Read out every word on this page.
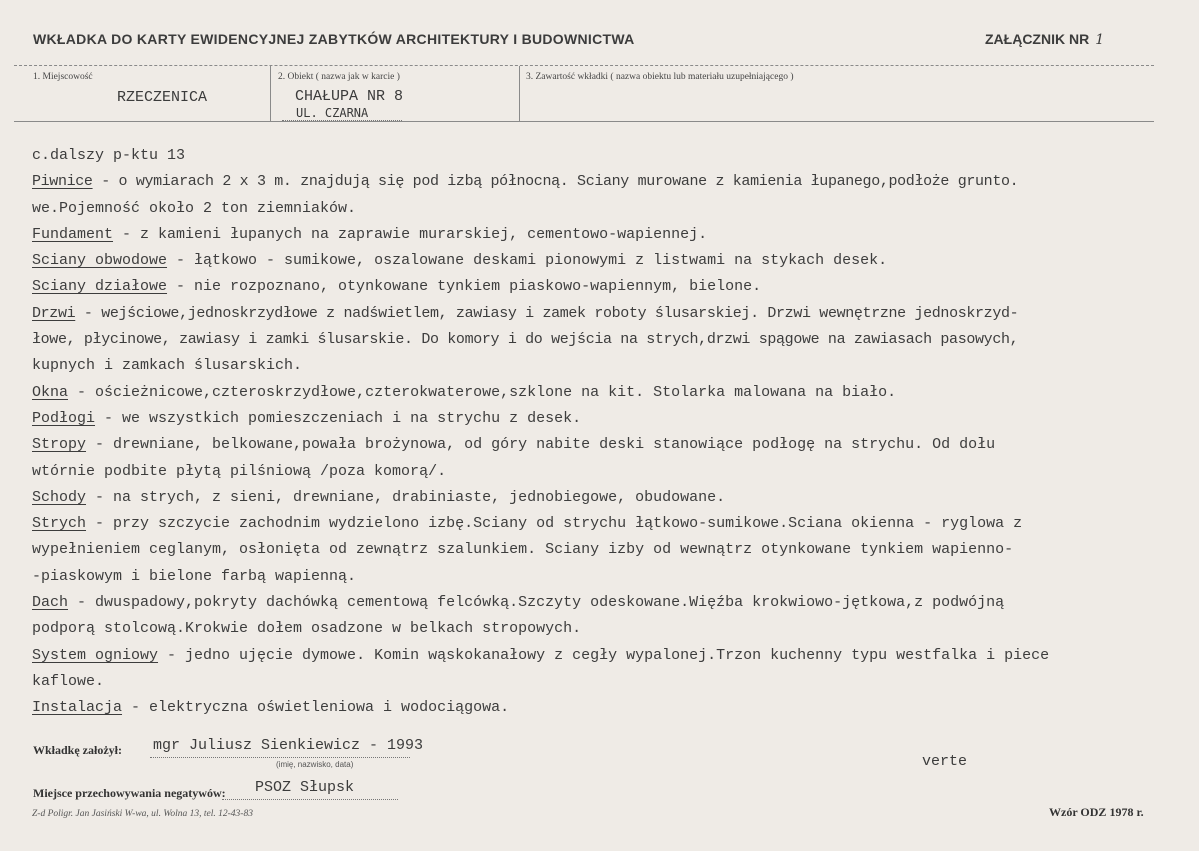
WKŁADKA DO KARTY EWIDENCYJNEJ ZABYTKÓW ARCHITEKTURY I BUDOWNICTWA	ZAŁĄCZNIK NR 1
1. Miejscowość
RZECZENICA
2. Obiekt ( nazwa jak w karcie )
CHAŁUPA NR 8
UL. CZARNA
3. Zawartość wkładki ( nazwa obiektu lub materiału uzupełniającego )
c.dalszy p-ktu 13
Piwnice - o wymiarach 2 x 3 m. znajdują się pod izbą północną. Sciany murowane z kamienia łupanego,podłoże grunto.
we.Pojemność około 2 ton ziemniaków.
Fundament - z kamieni łupanych na zaprawie murarskiej, cementowo-wapiennej.
Sciany obwodowe - łątkowo - sumikowe, oszalowane deskami pionowymi z listwami na stykach desek.
Sciany działowe - nie rozpoznano, otynkowane tynkiem piaskowo-wapiennym, bielone.
Drzwi - wejściowe,jednoskrzydłowe z nadświetlem, zawiasy i zamek roboty ślusarskiej. Drzwi wewnętrzne jednoskrzyd-
łowe, płycinowe, zawiasy i zamki ślusarskie. Do komory i do wejścia na strych,drzwi spągowe na zawiasach pasowych,
kupnych i zamkach ślusarskich.
Okna - ościeżnicowe,czteroskrzydłowe,czterokwaterowe,szklone na kit. Stolarka malowana na biało.
Podłogi - we wszystkich pomieszczeniach i na strychu z desek.
Stropy - drewniane, belkowane,powała brożynowa, od góry nabite deski stanowiące podłogę na strychu. Od dołu
wtórnie podbite płytą pilśniową /poza komorą/.
Schody - na strych, z sieni, drewniane, drabiniaste, jednobiegowe, obudowane.
Strych - przy szczycie zachodnim wydzielono izbę.Sciany od strychu łątkowo-sumikowe.Sciana okienna - ryglowa z
wypełnieniem ceglanym, osłonięta od zewnątrz szalunkiem. Sciany izby od wewnątrz otynkowane tynkiem wapienno-
-piaskowym i bielone farbą wapienną.
Dach - dwuspadowy,pokryty dachówką cementową felcówką.Szczyty odeskowane.Więźba krokwiowo-jętkowa,z podwójną
podporą stolcową.Krokwie dołem osadzone w belkach stropowych.
System ogniowy - jedno ujęcie dymowe. Komin wąskokanałowy z cegły wypalonej.Trzon kuchenny typu westfalka i piece
kaflowe.
Instalacja - elektryczna oświetleniowa i wodociągowa.
Wkładkę założył: mgr Juliusz Sienkiewicz - 1993
(imię, nazwisko, data)	verte
Miejsce przechowywania negatywów: PSOZ Słupsk
Z-d Poligr. Jan Jasiński W-wa, ul. Wolna 13, tel. 12-43-83	Wzór ODZ 1978 r.
